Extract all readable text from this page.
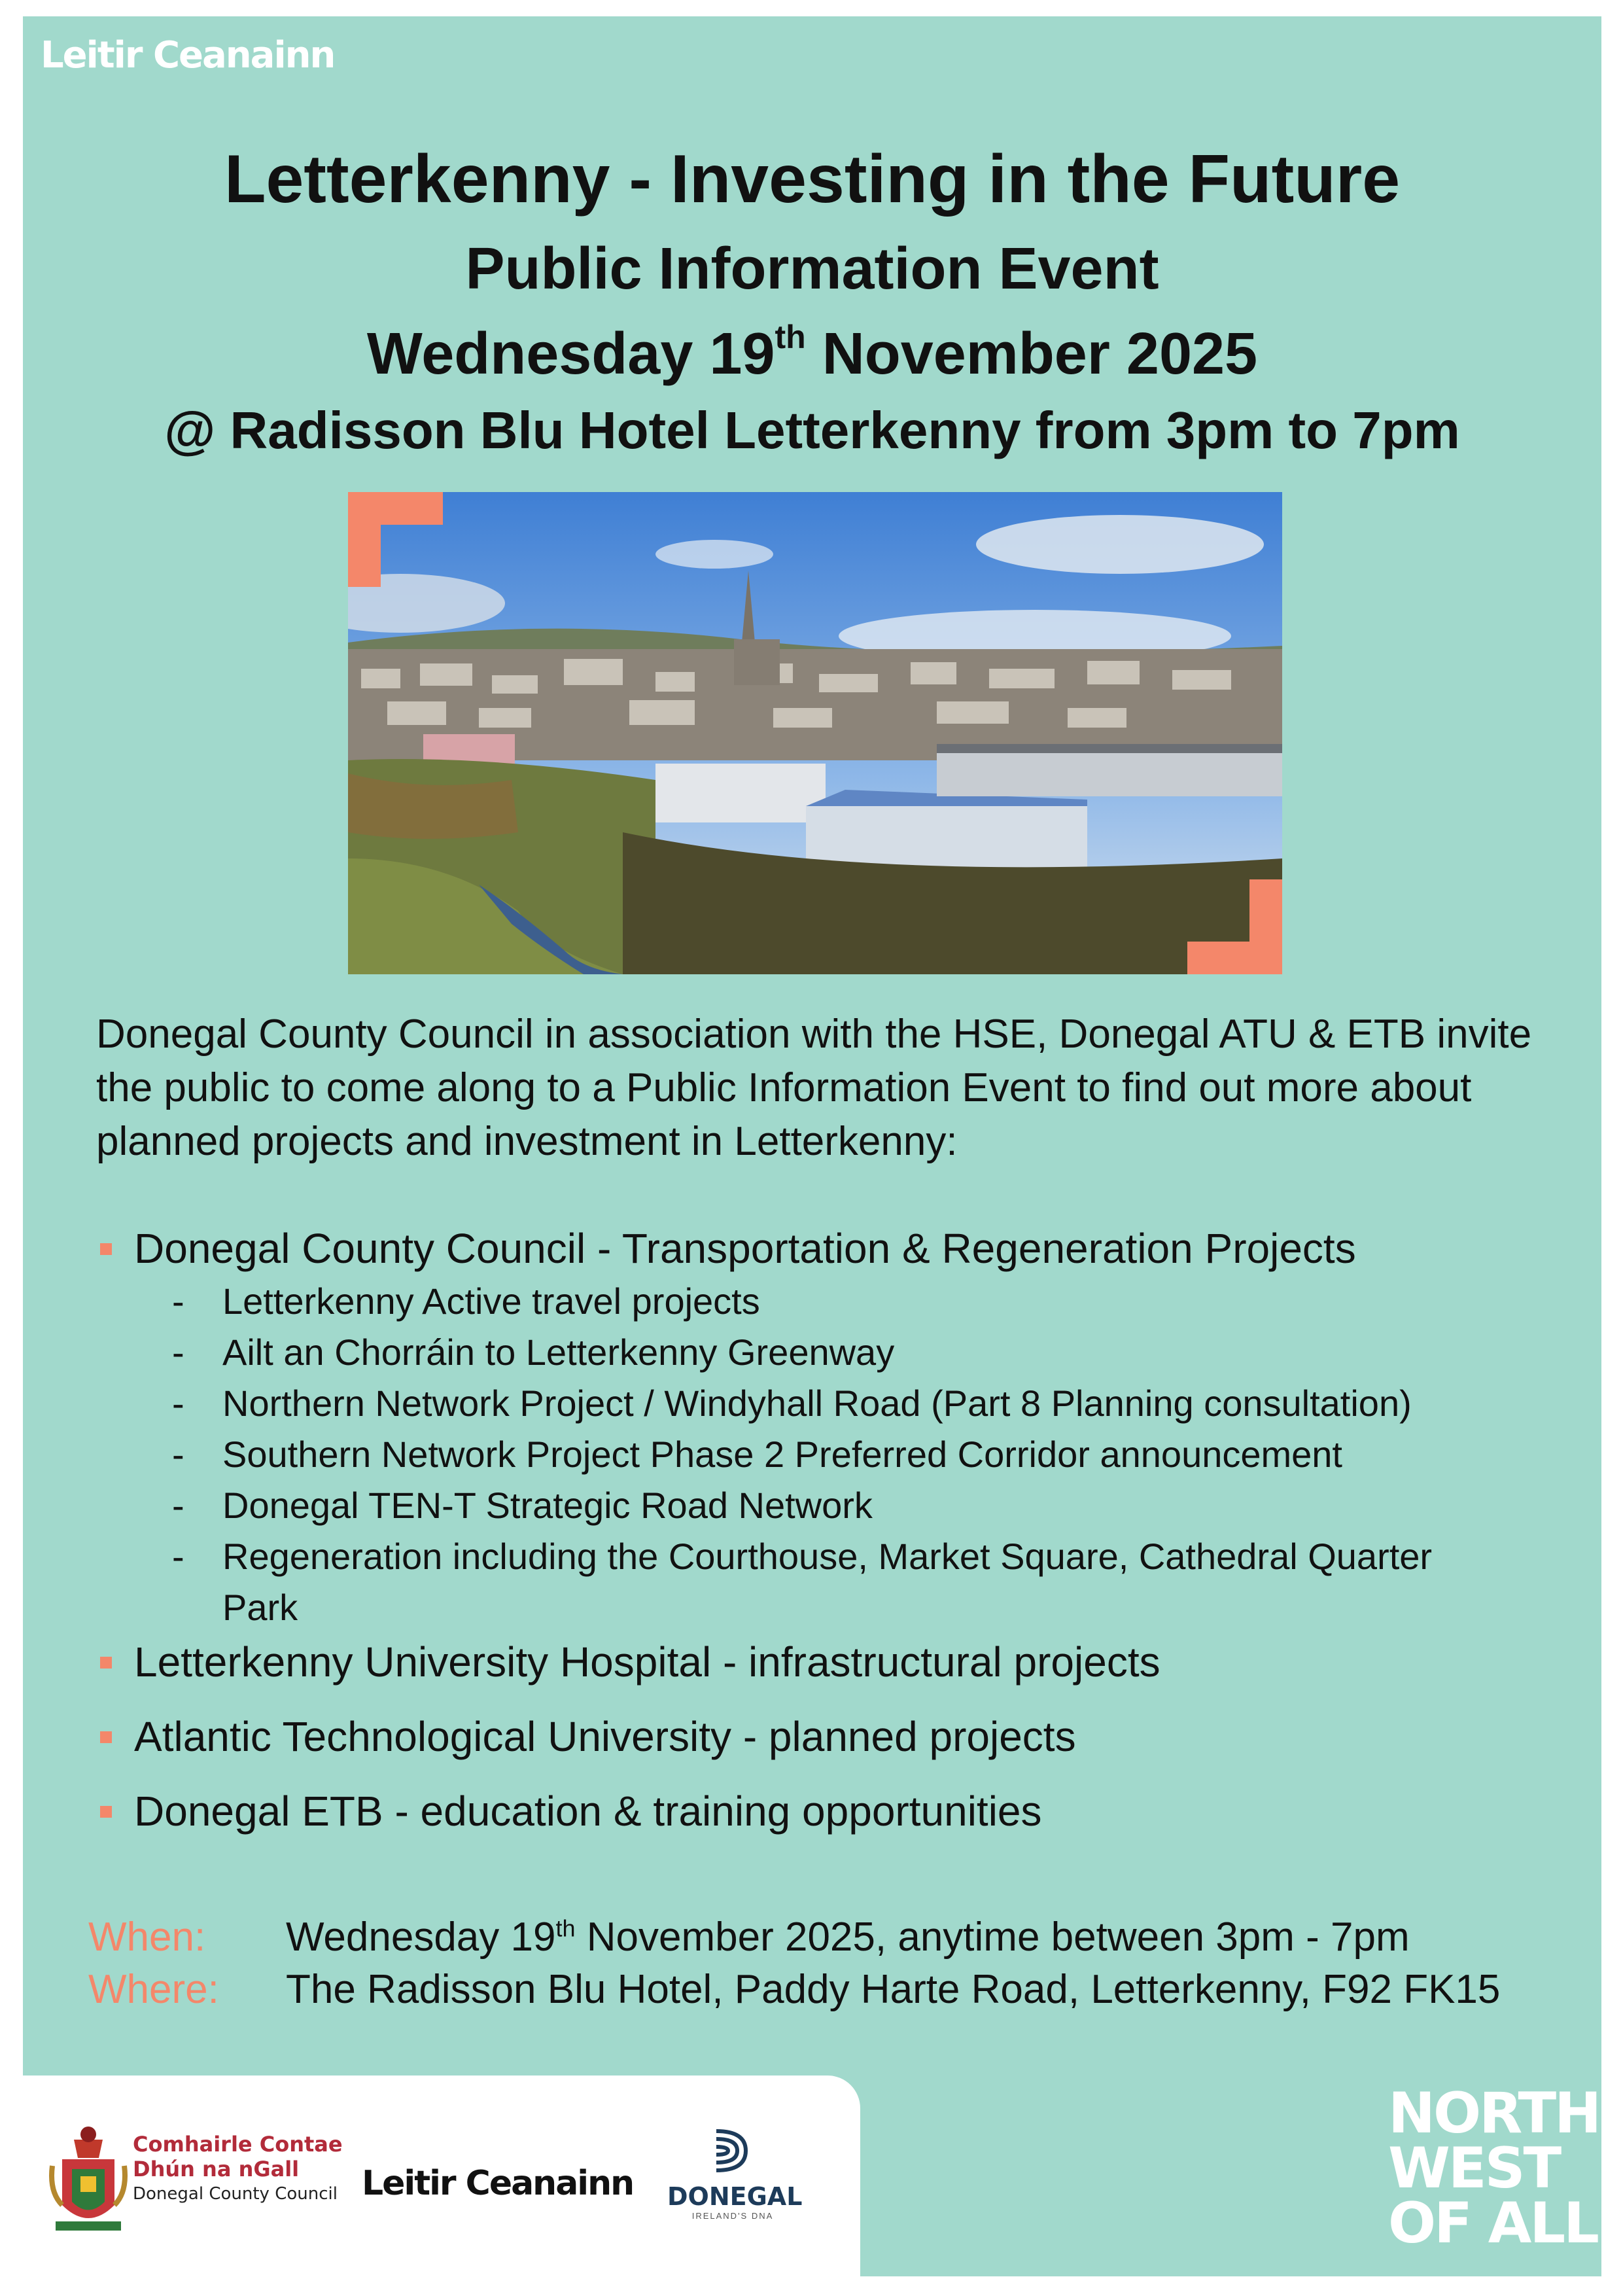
Leitir Ceanainn
Letterkenny - Investing in the Future
Public Information Event
Wednesday 19th November 2025
@ Radisson Blu Hotel Letterkenny from 3pm to 7pm
Donegal County Council in association with the HSE, Donegal ATU & ETB invite the public to come along to a Public Information Event to find out more about planned projects and investment in Letterkenny:
Donegal County Council - Transportation & Regeneration Projects
- Letterkenny Active travel projects
- Ailt an Chorráin to Letterkenny Greenway
- Northern Network Project / Windyhall Road (Part 8 Planning consultation)
- Southern Network Project Phase 2 Preferred Corridor announcement
- Donegal TEN-T Strategic Road Network
- Regeneration including the Courthouse, Market Square, Cathedral Quarter Park
Letterkenny University Hospital - infrastructural projects
Atlantic Technological University - planned projects
Donegal ETB - education & training opportunities
When: Wednesday 19th November 2025, anytime between 3pm - 7pm
Where: The Radisson Blu Hotel, Paddy Harte Road, Letterkenny, F92 FK15
Comhairle Contae
Dhún na nGall
Donegal County Council Leitir Ceanainn DONEGAL
IRELAND'S DNA
NORTH
WEST
OF ALL
